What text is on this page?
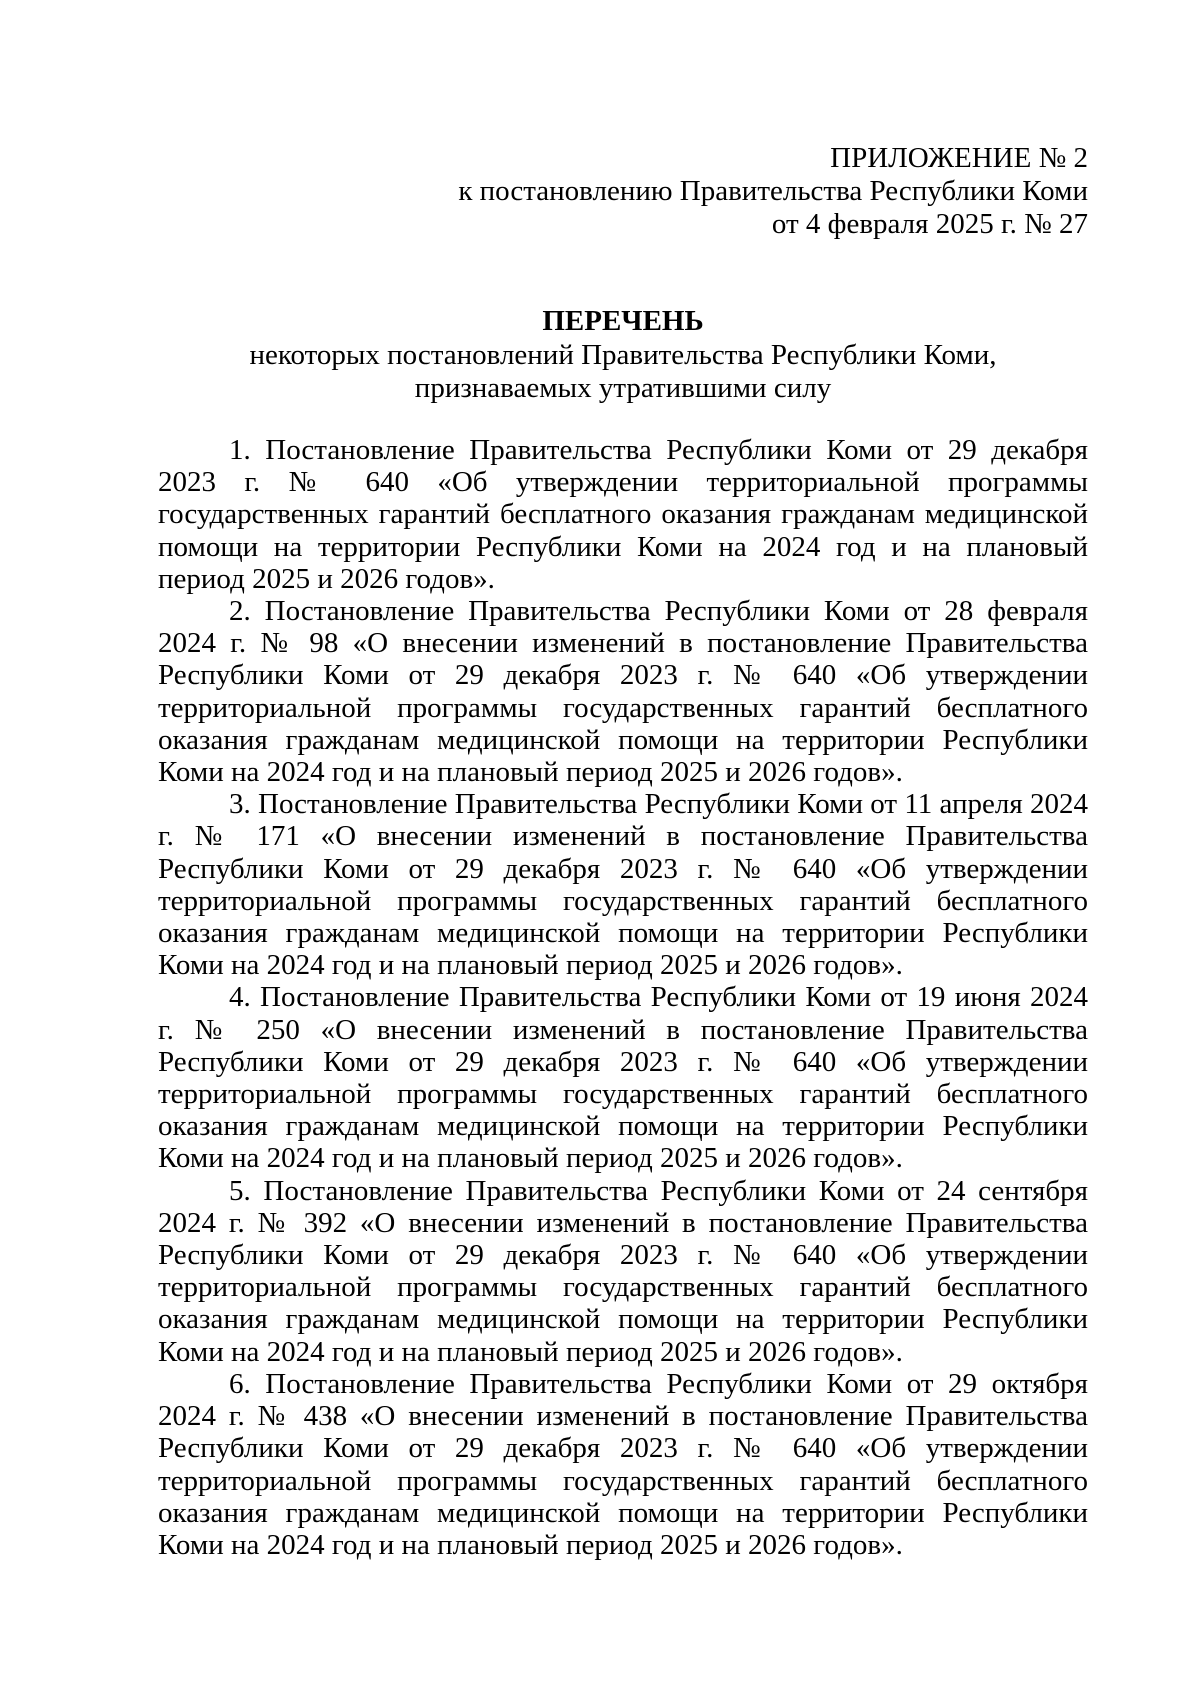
ПРИЛОЖЕНИЕ № 2
к постановлению Правительства Республики Коми
от 4 февраля 2025 г. № 27
ПЕРЕЧЕНЬ
некоторых постановлений Правительства Республики Коми,
признаваемых утратившими силу

1. Постановление Правительства Республики Коми от 29 декабря 2023 г. № 640 «Об утверждении территориальной программы государственных гарантий бесплатного оказания гражданам медицинской помощи на территории Республики Коми на 2024 год и на плановый период 2025 и 2026 годов».

2. Постановление Правительства Республики Коми от 28 февраля 2024 г. № 98 «О внесении изменений в постановление Правительства Республики Коми от 29 декабря 2023 г. № 640 «Об утверждении территориальной программы государственных гарантий бесплатного оказания гражданам медицинской помощи на территории Республики Коми на 2024 год и на плановый период 2025 и 2026 годов».

3. Постановление Правительства Республики Коми от 11 апреля 2024 г. № 171 «О внесении изменений в постановление Правительства Республики Коми от 29 декабря 2023 г. № 640 «Об утверждении территориальной программы государственных гарантий бесплатного оказания гражданам медицинской помощи на территории Республики Коми на 2024 год и на плановый период 2025 и 2026 годов».

4. Постановление Правительства Республики Коми от 19 июня 2024 г. № 250 «О внесении изменений в постановление Правительства Республики Коми от 29 декабря 2023 г. № 640 «Об утверждении территориальной программы государственных гарантий бесплатного оказания гражданам медицинской помощи на территории Республики Коми на 2024 год и на плановый период 2025 и 2026 годов».

5. Постановление Правительства Республики Коми от 24 сентября 2024 г. № 392 «О внесении изменений в постановление Правительства Республики Коми от 29 декабря 2023 г. № 640 «Об утверждении территориальной программы государственных гарантий бесплатного оказания гражданам медицинской помощи на территории Республики Коми на 2024 год и на плановый период 2025 и 2026 годов».

6. Постановление Правительства Республики Коми от 29 октября 2024 г. № 438 «О внесении изменений в постановление Правительства Республики Коми от 29 декабря 2023 г. № 640 «Об утверждении территориальной программы государственных гарантий бесплатного оказания гражданам медицинской помощи на территории Республики Коми на 2024 год и на плановый период 2025 и 2026 годов».
